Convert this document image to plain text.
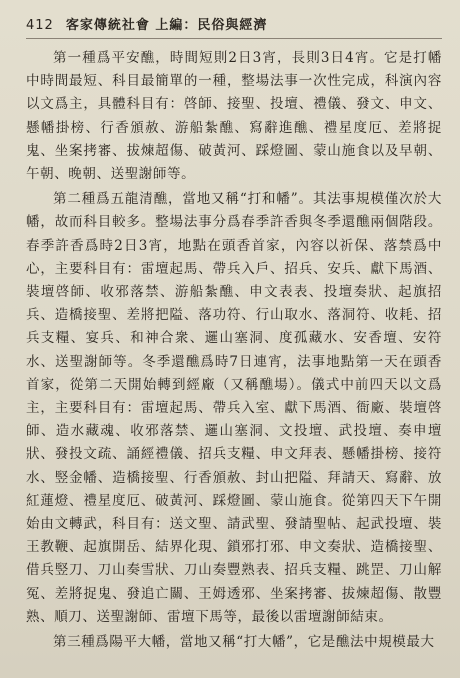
412 客家傳統社會 上編：民俗與經濟

第一種爲平安醮，時間短則2日3宵，長則3日4宵。它是打幡中時間最短、科目最簡單的一種，整場法事一次性完成，科演內容以文爲主，具體科目有：啓師、接聖、投壇、禮儀、發文、申文、懸幡掛榜、行香頒赦、游船紮醮、寫辭進醮、禮星度厄、差將捉鬼、坐案拷審、拔煉超傷、破黃河、踩燈圖、蒙山施食以及早朝、午朝、晚朝、送聖謝師等。

第二種爲五龍清醮，當地又稱“打和幡”。其法事規模僅次於大幡，故而科目較多。整場法事分爲春季許香與冬季還醮兩個階段。春季許香爲時2日3宵，地點在頭香首家，內容以祈保、落禁爲中心，主要科目有：雷壇起馬、帶兵入戶、招兵、安兵、獻下馬酒、裝壇啓師、收邪落禁、游船紮醮、申文表表、投壇奏狀、起旗招兵、造橋接聖、差將把隘、落功符、行山取水、落洞符、收耗、招兵支糧、宴兵、和神合衆、邏山塞洞、度孤藏水、安香壇、安符水、送聖謝師等。冬季還醮爲時7日連宵，法事地點第一天在頭香首家，從第二天開始轉到經廠（又稱醮場）。儀式中前四天以文爲主，主要科目有：雷壇起馬、帶兵入室、獻下馬酒、衙廠、裝壇啓師、造水藏魂、收邪落禁、邏山塞洞、文投壇、武投壇、奏申壇狀、發投文疏、誦經禮儀、招兵支糧、申文拜表、懸幡掛榜、接符水、竪金幡、造橋接聖、行香頒赦、封山把隘、拜請天、寫辭、放紅蓮燈、禮星度厄、破黃河、踩燈圖、蒙山施食。從第四天下午開始由文轉武，科目有：送文聖、請武聖、發請聖帖、起武投壇、裝王教鞭、起旗開岳、結界化現、鎖邪打邪、申文奏狀、造橋接聖、借兵竪刀、刀山奏雪狀、刀山奏豐熟表、招兵支糧、跳罡、刀山解冤、差將捉鬼、發追亡關、王姆透邪、坐案拷審、拔煉超傷、散豐熟、順刀、送聖謝師、雷壇下馬等，最後以雷壇謝師結束。

第三種爲陽平大幡，當地又稱“打大幡”，它是醮法中規模最大
